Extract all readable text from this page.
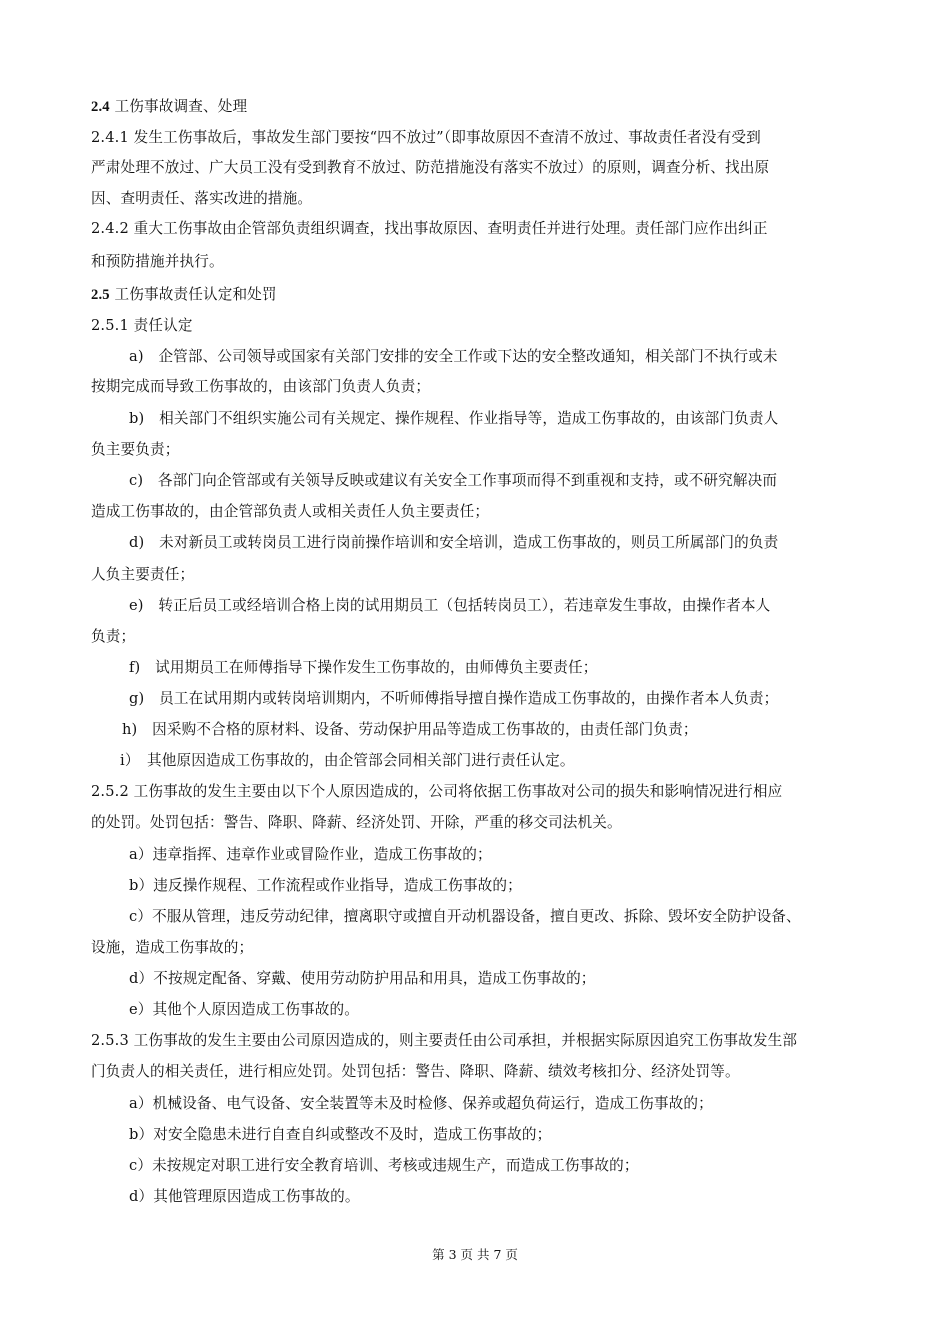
2.4 工伤事故调查、处理
2.4.1 发生工伤事故后，事故发生部门要按“四不放过”（即事故原因不查清不放过、事故责任者没有受到
严肃处理不放过、广大员工没有受到教育不放过、防范措施没有落实不放过）的原则，调查分析、找出原
因、查明责任、落实改进的措施。
2.4.2 重大工伤事故由企管部负责组织调查，找出事故原因、查明责任并进行处理。责任部门应作出纠正
和预防措施并执行。
2.5 工伤事故责任认定和处罚
2.5.1 责任认定
a)　企管部、公司领导或国家有关部门安排的安全工作或下达的安全整改通知，相关部门不执行或未
按期完成而导致工伤事故的，由该部门负责人负责；
b)　相关部门不组织实施公司有关规定、操作规程、作业指导等，造成工伤事故的，由该部门负责人
负主要负责；
c)　各部门向企管部或有关领导反映或建议有关安全工作事项而得不到重视和支持，或不研究解决而
造成工伤事故的，由企管部负责人或相关责任人负主要责任；
d)　未对新员工或转岗员工进行岗前操作培训和安全培训，造成工伤事故的，则员工所属部门的负责
人负主要责任；
e)　转正后员工或经培训合格上岗的试用期员工（包括转岗员工），若违章发生事故，由操作者本人
负责；
f)　试用期员工在师傅指导下操作发生工伤事故的，由师傅负主要责任；
g)　员工在试用期内或转岗培训期内，不听师傅指导擅自操作造成工伤事故的，由操作者本人负责；
h)　因采购不合格的原材料、设备、劳动保护用品等造成工伤事故的，由责任部门负责；
i）　其他原因造成工伤事故的，由企管部会同相关部门进行责任认定。
2.5.2 工伤事故的发生主要由以下个人原因造成的，公司将依据工伤事故对公司的损失和影响情况进行相应
的处罚。处罚包括：警告、降职、降薪、经济处罚、开除，严重的移交司法机关。
a）违章指挥、违章作业或冒险作业，造成工伤事故的；
b）违反操作规程、工作流程或作业指导，造成工伤事故的；
c）不服从管理，违反劳动纪律，擅离职守或擅自开动机器设备，擅自更改、拆除、毁坏安全防护设备、
设施，造成工伤事故的；
d）不按规定配备、穿戴、使用劳动防护用品和用具，造成工伤事故的；
e）其他个人原因造成工伤事故的。
2.5.3 工伤事故的发生主要由公司原因造成的，则主要责任由公司承担，并根据实际原因追究工伤事故发生部
门负责人的相关责任，进行相应处罚。处罚包括：警告、降职、降薪、绩效考核扣分、经济处罚等。
a）机械设备、电气设备、安全装置等未及时检修、保养或超负荷运行，造成工伤事故的；
b）对安全隐患未进行自查自纠或整改不及时，造成工伤事故的；
c）未按规定对职工进行安全教育培训、考核或违规生产，而造成工伤事故的；
d）其他管理原因造成工伤事故的。
第 3 页 共 7 页
